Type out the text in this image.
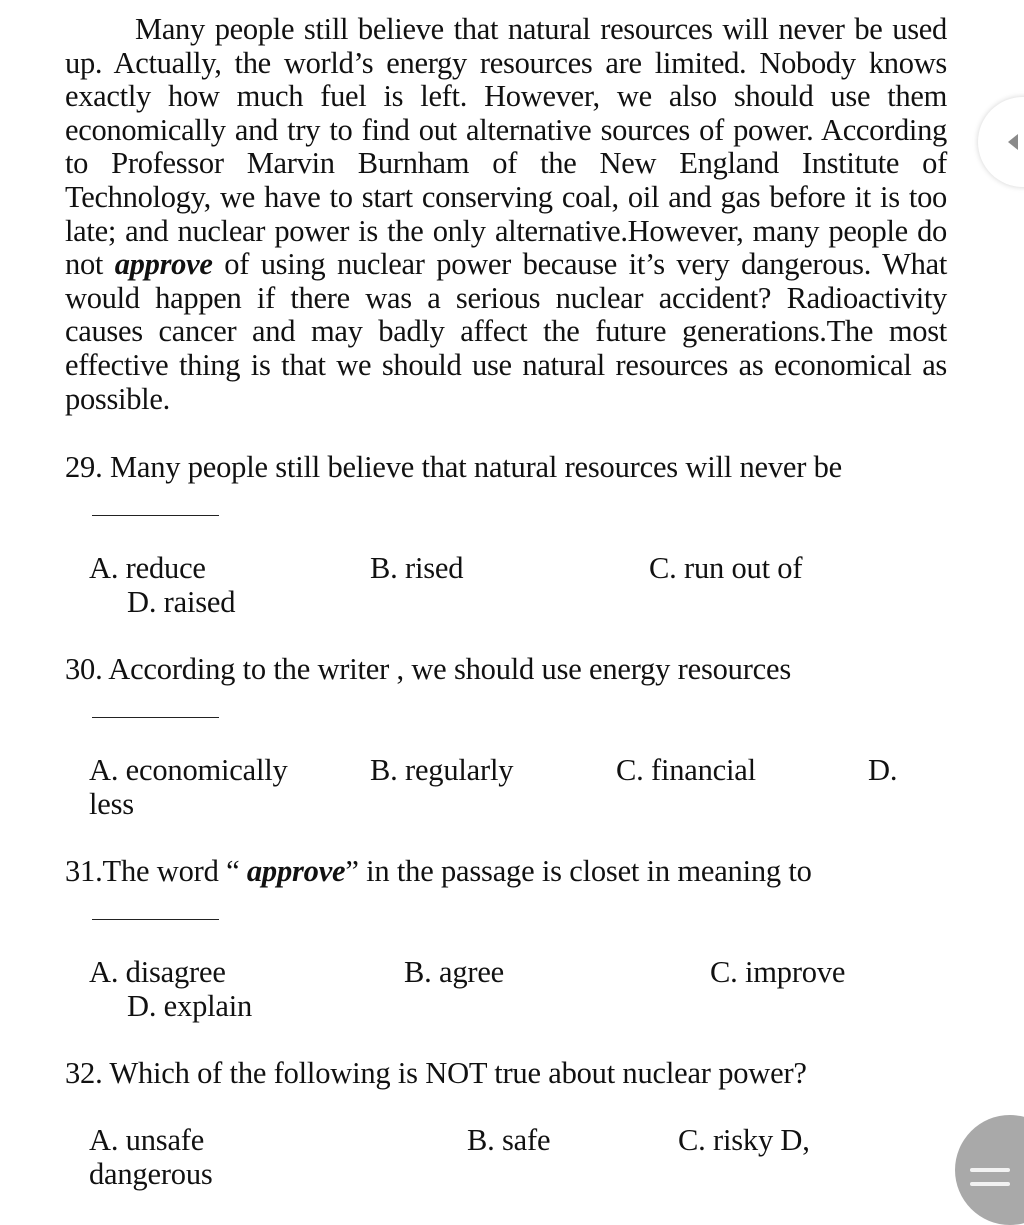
Many people still believe that natural resources will never be used up. Actually, the world’s energy resources are limited. Nobody knows exactly how much fuel is left. However, we also should use them economically and try to find out alternative sources of power. According to Professor Marvin Burnham of the New England Institute of Technology, we have to start conserving coal, oil and gas before it is too late; and nuclear power is the only alternative.However, many people do not approve of using nuclear power because it’s very dangerous. What would happen if there was a serious nuclear accident? Radioactivity causes cancer and may badly affect the future generations.The most effective thing is that we should use natural resources as economical as possible.
29. Many people still believe that natural resources will never be
A. reduce	B. rised	C. run out of
D. raised
30. According to the writer , we should use energy resources
A. economically	B. regularly	C. financial	D.
less
31.The word “ approve” in the passage is closet in meaning to
A. disagree	B. agree	C. improve
D. explain
32. Which of the following is NOT true about nuclear power?
A. unsafe	B. safe	C. risky D,
dangerous
